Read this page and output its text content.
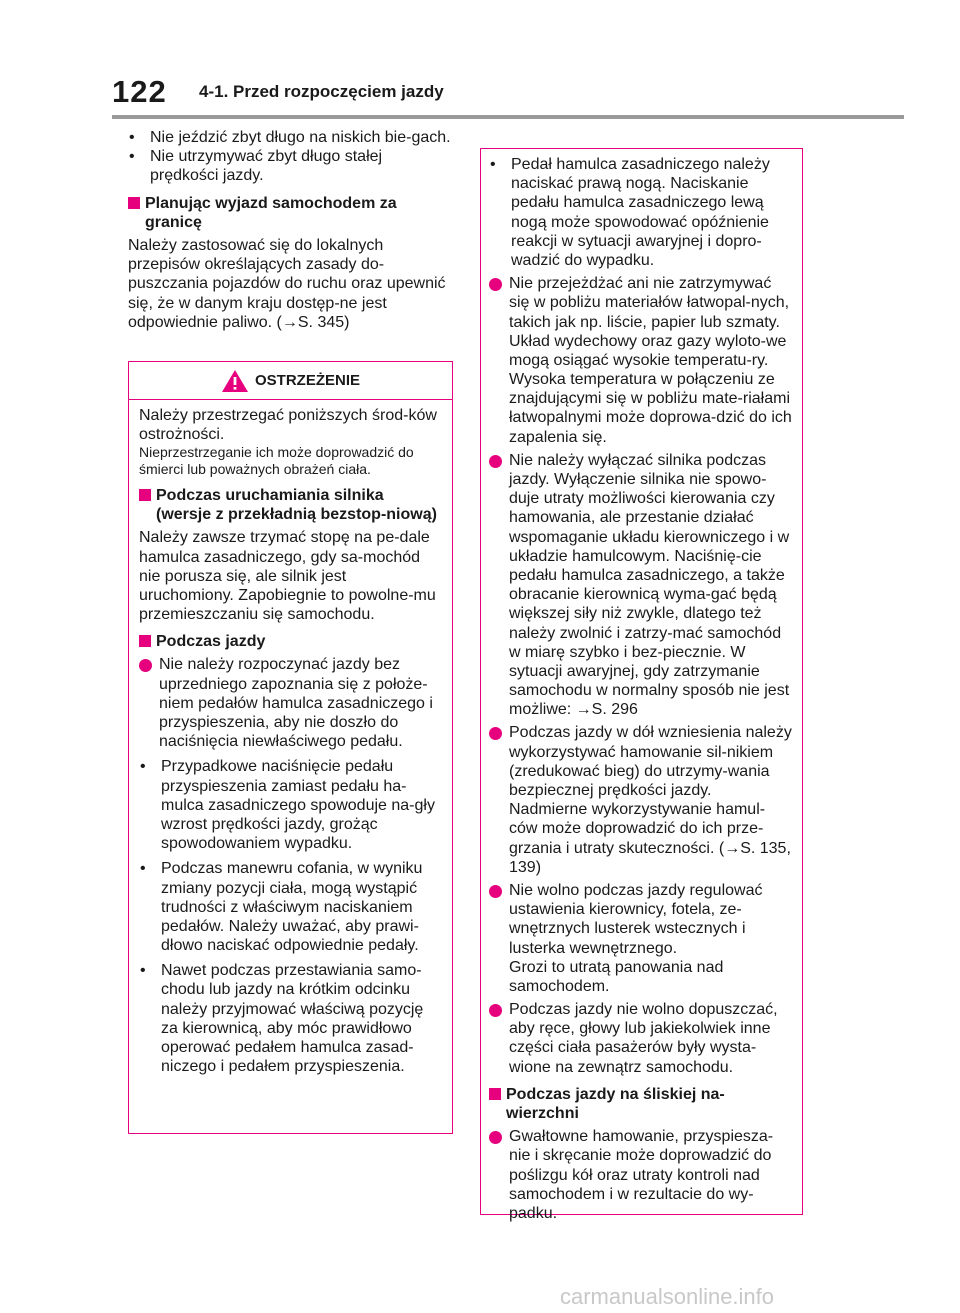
122 4-1. Przed rozpoczęciem jazdy
• Nie jeździć zbyt długo na niskich bie-gach.
• Nie utrzymywać zbyt długo stałej prędkości jazdy.
Planując wyjazd samochodem za granicę
Należy zastosować się do lokalnych przepisów określających zasady do-puszczania pojazdów do ruchu oraz upewnić się, że w danym kraju dostęp-ne jest odpowiednie paliwo. (→S. 345)
OSTRZEŻENIE
Należy przestrzegać poniższych środ-ków ostrożności.
Nieprzestrzeganie ich może doprowadzić do śmierci lub poważnych obrażeń ciała.
Podczas uruchamiania silnika (wersje z przekładnią bezstop-niową)
Należy zawsze trzymać stopę na pe-dale hamulca zasadniczego, gdy sa-mochód nie porusza się, ale silnik jest uruchomiony. Zapobiegnie to powolne-mu przemieszczaniu się samochodu.
Podczas jazdy
Nie należy rozpoczynać jazdy bez uprzedniego zapoznania się z położe-niem pedałów hamulca zasadniczego i przyspieszenia, aby nie doszło do naciśnięcia niewłaściwego pedału.
• Przypadkowe naciśnięcie pedału przyspieszenia zamiast pedału ha-mulca zasadniczego spowoduje na-gły wzrost prędkości jazdy, grożąc spowodowaniem wypadku.
• Podczas manewru cofania, w wyniku zmiany pozycji ciała, mogą wystąpić trudności z właściwym naciskaniem pedałów. Należy uważać, aby prawi-dłowo naciskać odpowiednie pedały.
• Nawet podczas przestawiania samo-chodu lub jazdy na krótkim odcinku należy przyjmować właściwą pozycję za kierownicą, aby móc prawidłowo operować pedałem hamulca zasad-niczego i pedałem przyspieszenia.
• Pedał hamulca zasadniczego należy naciskać prawą nogą. Naciskanie pedału hamulca zasadniczego lewą nogą może spowodować opóźnienie reakcji w sytuacji awaryjnej i dopro-wadzić do wypadku.
Nie przejeżdżać ani nie zatrzymywać się w pobliżu materiałów łatwopal-nych, takich jak np. liście, papier lub szmaty.
Układ wydechowy oraz gazy wyloto-we mogą osiągać wysokie temperatu-ry. Wysoka temperatura w połączeniu ze znajdującymi się w pobliżu mate-riałami łatwopalnymi może doprowa-dzić do ich zapalenia się.
Nie należy wyłączać silnika podczas jazdy. Wyłączenie silnika nie spowo-duje utraty możliwości kierowania czy hamowania, ale przestanie działać wspomaganie układu kierowniczego i w układzie hamulcowym. Naciśnię-cie pedału hamulca zasadniczego, a także obracanie kierownicą wyma-gać będą większej siły niż zwykle, dlatego też należy zwolnić i zatrzy-mać samochód w miarę szybko i bez-piecznie. W sytuacji awaryjnej, gdy zatrzymanie samochodu w normalny sposób nie jest możliwe: →S. 296
Podczas jazdy w dół wzniesienia należy wykorzystywać hamowanie sil-nikiem (zredukować bieg) do utrzymy-wania bezpiecznej prędkości jazdy.
Nadmierne wykorzystywanie hamul-ców może doprowadzić do ich prze-grzania i utraty skuteczności. (→S. 135, 139)
Nie wolno podczas jazdy regulować ustawienia kierownicy, fotela, ze-wnętrznych lusterek wstecznych i lusterka wewnętrznego.
Grozi to utratą panowania nad samochodem.
Podczas jazdy nie wolno dopuszczać, aby ręce, głowy lub jakiekolwiek inne części ciała pasażerów były wysta-wione na zewnątrz samochodu.
Podczas jazdy na śliskiej na-wierzchni
Gwałtowne hamowanie, przyspiesza-nie i skręcanie może doprowadzić do poślizgu kół oraz utraty kontroli nad samochodem i w rezultacie do wy-padku.
carmanualsonline.info
